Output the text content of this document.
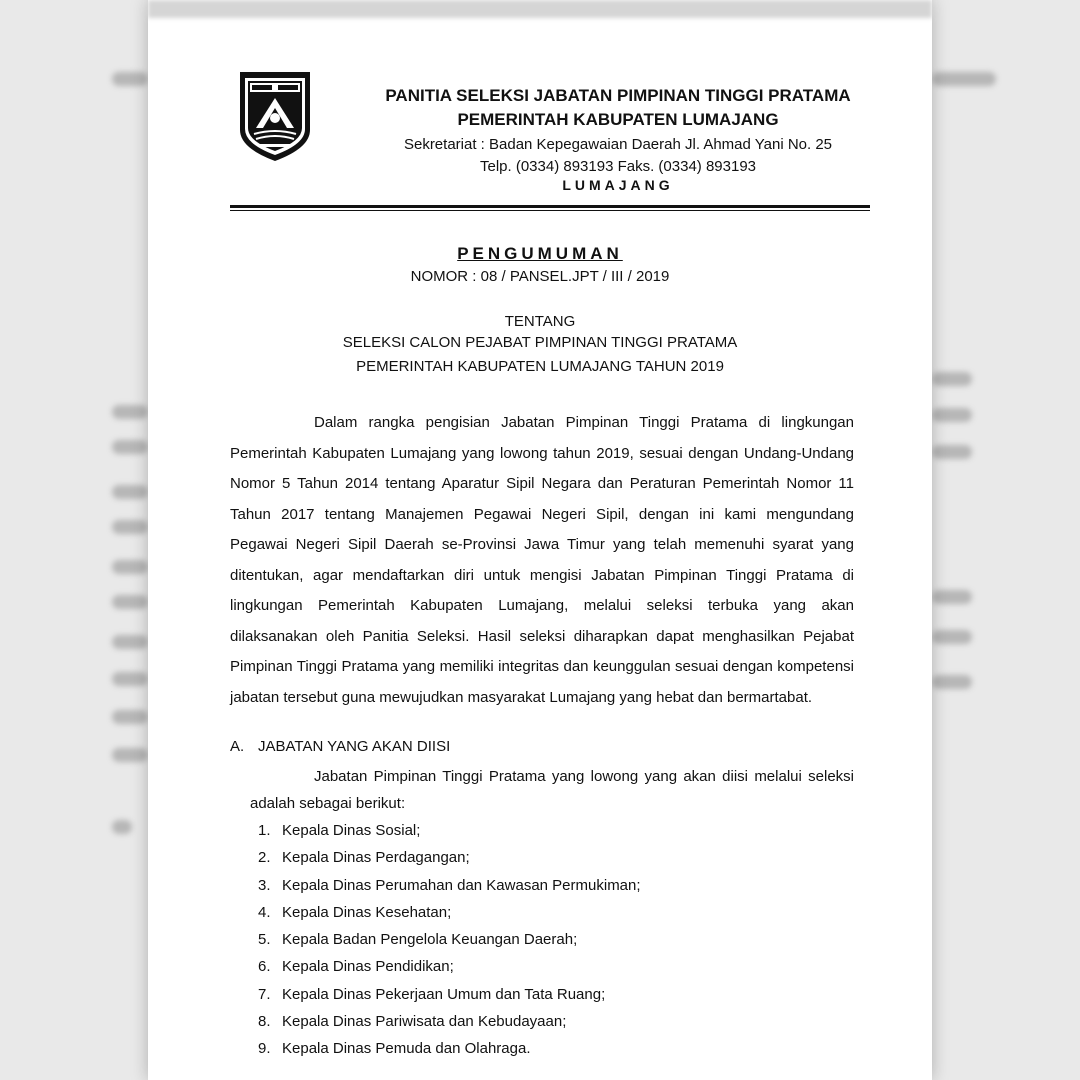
PANITIA SELEKSI JABATAN PIMPINAN TINGGI PRATAMA
PEMERINTAH KABUPATEN LUMAJANG
Sekretariat : Badan Kepegawaian Daerah Jl. Ahmad Yani No. 25
Telp. (0334) 893193 Faks. (0334) 893193
LUMAJANG
PENGUMUMAN
NOMOR : 08 / PANSEL.JPT / III / 2019
TENTANG
SELEKSI CALON PEJABAT PIMPINAN TINGGI PRATAMA
PEMERINTAH KABUPATEN LUMAJANG TAHUN 2019
Dalam rangka pengisian Jabatan Pimpinan Tinggi Pratama di lingkungan Pemerintah Kabupaten Lumajang yang lowong tahun 2019, sesuai dengan Undang-Undang Nomor 5 Tahun 2014 tentang Aparatur Sipil Negara dan Peraturan Pemerintah Nomor 11 Tahun 2017 tentang Manajemen Pegawai Negeri Sipil, dengan ini kami mengundang Pegawai Negeri Sipil Daerah se-Provinsi Jawa Timur yang telah memenuhi syarat yang ditentukan, agar mendaftarkan diri untuk mengisi Jabatan Pimpinan Tinggi Pratama di lingkungan Pemerintah Kabupaten Lumajang, melalui seleksi terbuka yang akan dilaksanakan oleh Panitia Seleksi. Hasil seleksi diharapkan dapat menghasilkan Pejabat Pimpinan Tinggi Pratama yang memiliki integritas dan keunggulan sesuai dengan kompetensi jabatan tersebut guna mewujudkan masyarakat Lumajang yang hebat dan bermartabat.
A. JABATAN YANG AKAN DIISI
Jabatan Pimpinan Tinggi Pratama yang lowong yang akan diisi melalui seleksi adalah sebagai berikut:
1. Kepala Dinas Sosial;
2. Kepala Dinas Perdagangan;
3. Kepala Dinas Perumahan dan Kawasan Permukiman;
4. Kepala Dinas Kesehatan;
5. Kepala Badan Pengelola Keuangan Daerah;
6. Kepala Dinas Pendidikan;
7. Kepala Dinas Pekerjaan Umum dan Tata Ruang;
8. Kepala Dinas Pariwisata dan Kebudayaan;
9. Kepala Dinas Pemuda dan Olahraga.
